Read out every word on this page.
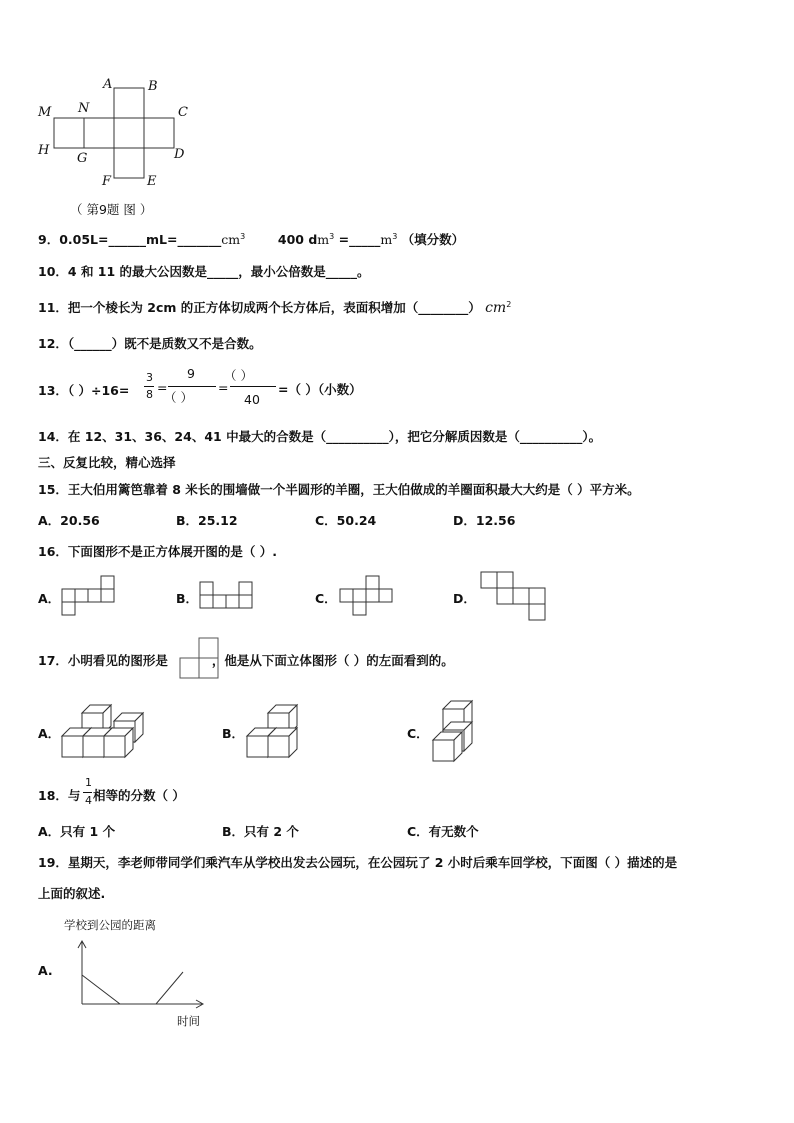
A	B
M N	C
H
G	D
F	E
（ 第9题 图 ）
9．$0.05L=\_\_\_\_\_\_mL=\_\_\_\_\_\_\_cm^3$	400 $dm^3$ $=\_\_\_\_\_m^3$ （填分数）
10．4 和 11 的最大公因数是_____，最小公倍数是_____。
11．把一个棱长为 2cm 的正方体切成两个长方体后，表面积增加（________） $cm^2$
12．（______）既不是质数又不是合数。
13．（ ）÷16=
3
8 =
9
（ ）
=
（ ）
40
=（ ）（小数）
14．在 12、31、36、24、41 中最大的合数是（__________），把它分解质因数是（__________）。
三、反复比较，精心选择
15．王大伯用篱笆靠着 8 米长的围墙做一个半圆形的羊圈，王大伯做成的羊圈面积最大大约是（ ）平方米。
A．20.56	B．25.12	C．50.24	D．12.56
16．下面图形不是正方体展开图的是（ ）.
A．	B．	C．	D．
17．小明看见的图形是	，他是从下面立体图形（ ）的左面看到的。
A．	B．	C．
18．与
1
4 相等的分数（ ）
A．只有 1 个	B．只有 2 个	C．有无数个
19．星期天，李老师带同学们乘汽车从学校出发去公园玩，在公园玩了 2 小时后乘车回学校，下面图（ ）描述的是
上面的叙述.
学校到公园的距离
A.
时间
